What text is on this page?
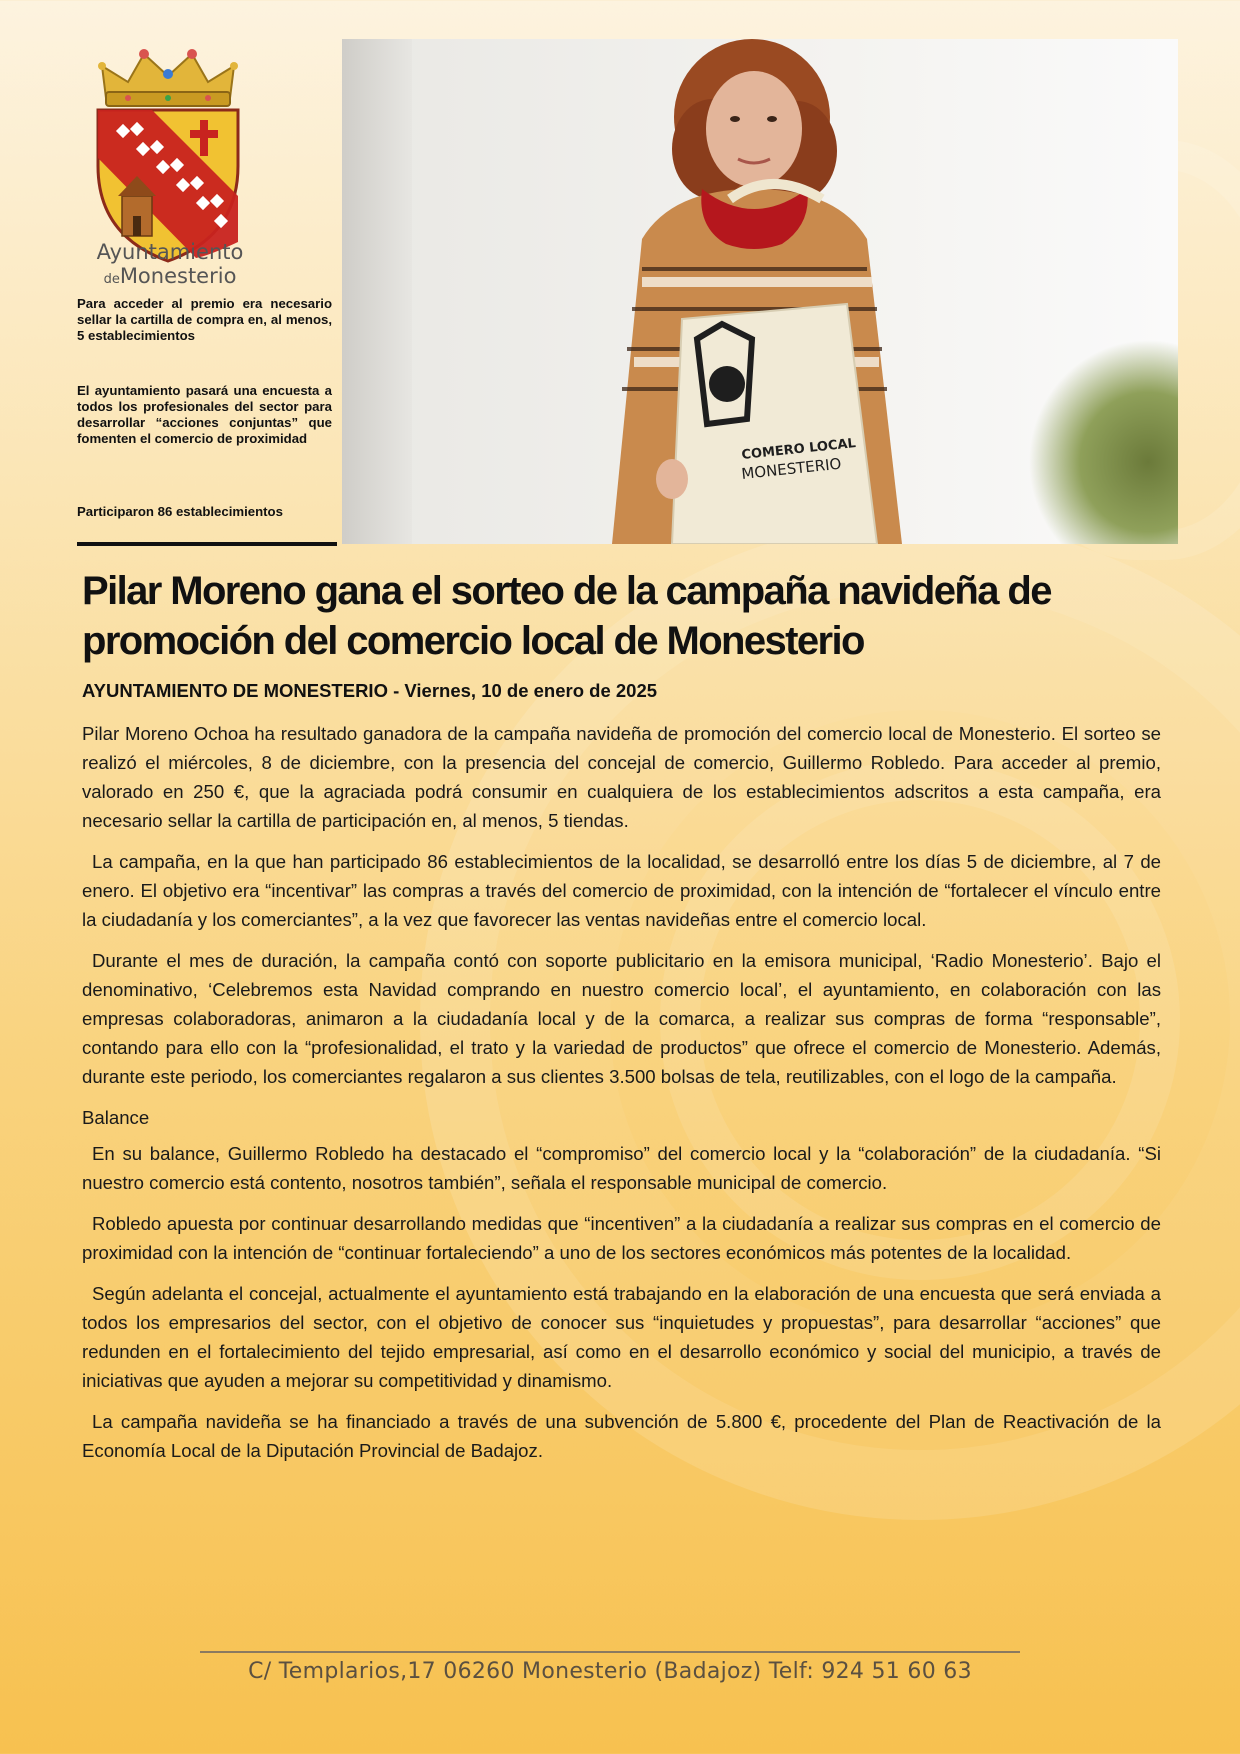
Ayuntamiento
deMonesterio
Para acceder al premio era necesario sellar la cartilla de compra en, al menos, 5 establecimientos
El ayuntamiento pasará una encuesta a todos los profesionales del sector para desarrollar “acciones conjuntas” que fomenten el comercio de proximidad
Participaron 86 establecimientos
COMERO LOCAL
MONESTERIO
Pilar Moreno gana el sorteo de la campaña navideña de promoción del comercio local de Monesterio
AYUNTAMIENTO DE MONESTERIO - Viernes, 10 de enero de 2025

Pilar Moreno Ochoa ha resultado ganadora de la campaña navideña de promoción del comercio local de Monesterio. El sorteo se realizó el miércoles, 8 de diciembre, con la presencia del concejal de comercio, Guillermo Robledo. Para acceder al premio, valorado en 250 €, que la agraciada podrá consumir en cualquiera de los establecimientos adscritos a esta campaña, era necesario sellar la cartilla de participación en, al menos, 5 tiendas.

La campaña, en la que han participado 86 establecimientos de la localidad, se desarrolló entre los días 5 de diciembre, al 7 de enero. El objetivo era “incentivar” las compras a través del comercio de proximidad, con la intención de “fortalecer el vínculo entre la ciudadanía y los comerciantes”, a la vez que favorecer las ventas navideñas entre el comercio local.

Durante el mes de duración, la campaña contó con soporte publicitario en la emisora municipal, ‘Radio Monesterio’. Bajo el denominativo, ‘Celebremos esta Navidad comprando en nuestro comercio local’, el ayuntamiento, en colaboración con las empresas colaboradoras, animaron a la ciudadanía local y de la comarca, a realizar sus compras de forma “responsable”, contando para ello con la “profesionalidad, el trato y la variedad de productos” que ofrece el comercio de Monesterio. Además, durante este periodo, los comerciantes regalaron a sus clientes 3.500 bolsas de tela, reutilizables, con el logo de la campaña.

Balance

En su balance, Guillermo Robledo ha destacado el “compromiso” del comercio local y la “colaboración” de la ciudadanía. “Si nuestro comercio está contento, nosotros también”, señala el responsable municipal de comercio.

Robledo apuesta por continuar desarrollando medidas que “incentiven” a la ciudadanía a realizar sus compras en el comercio de proximidad con la intención de “continuar fortaleciendo” a uno de los sectores económicos más potentes de la localidad.

Según adelanta el concejal, actualmente el ayuntamiento está trabajando en la elaboración de una encuesta que será enviada a todos los empresarios del sector, con el objetivo de conocer sus “inquietudes y propuestas”, para desarrollar “acciones” que redunden en el fortalecimiento del tejido empresarial, así como en el desarrollo económico y social del municipio, a través de iniciativas que ayuden a mejorar su competitividad y dinamismo.

La campaña navideña se ha financiado a través de una subvención de 5.800 €, procedente del Plan de Reactivación de la Economía Local de la Diputación Provincial de Badajoz.

C/ Templarios,17 06260 Monesterio (Badajoz) Telf: 924 51 60 63
